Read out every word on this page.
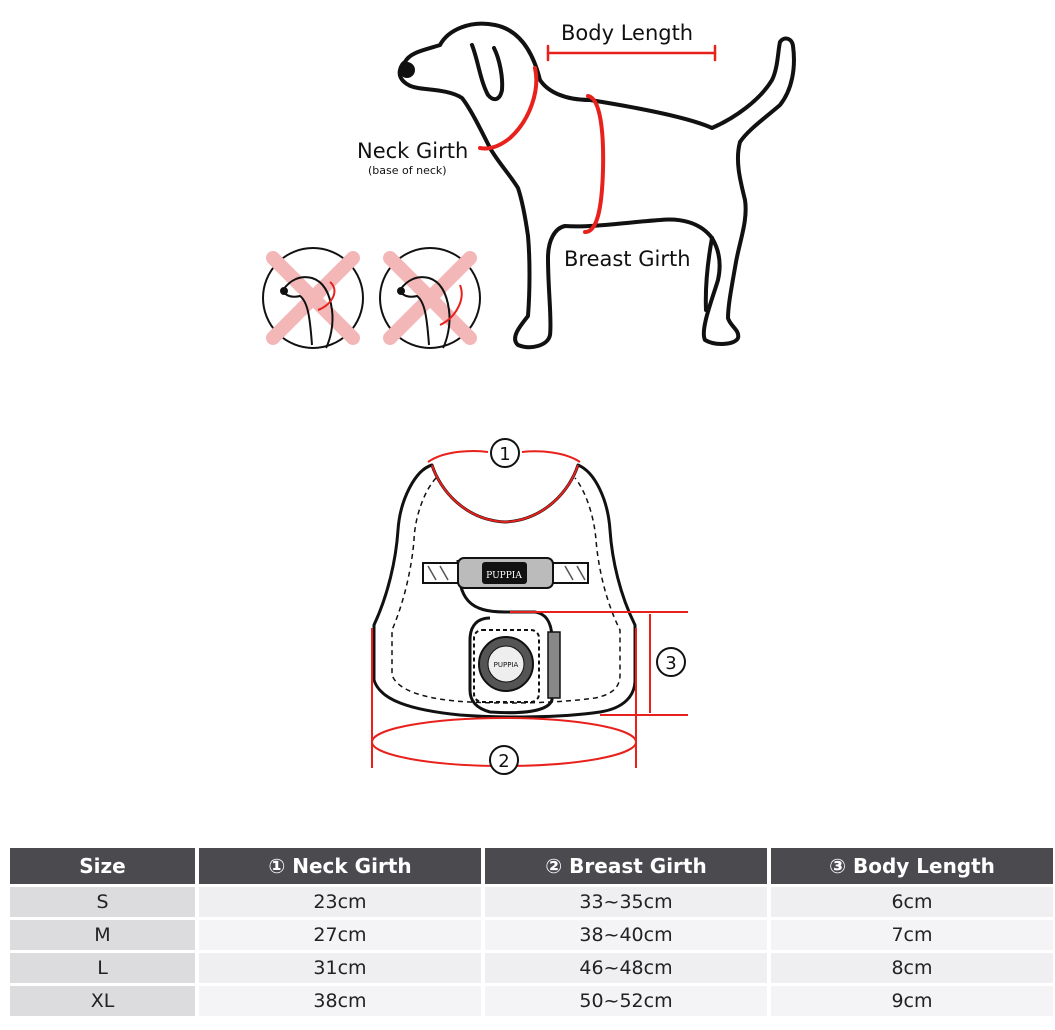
Body Length
Neck Girth
(base of neck)
Breast Girth
PUPPIA
PUPPIA
1
2
3
Size	① Neck Girth	② Breast Girth	③ Body Length
S	23cm	33~35cm	6cm
M	27cm	38~40cm	7cm
L	31cm	46~48cm	8cm
XL	38cm	50~52cm	9cm
